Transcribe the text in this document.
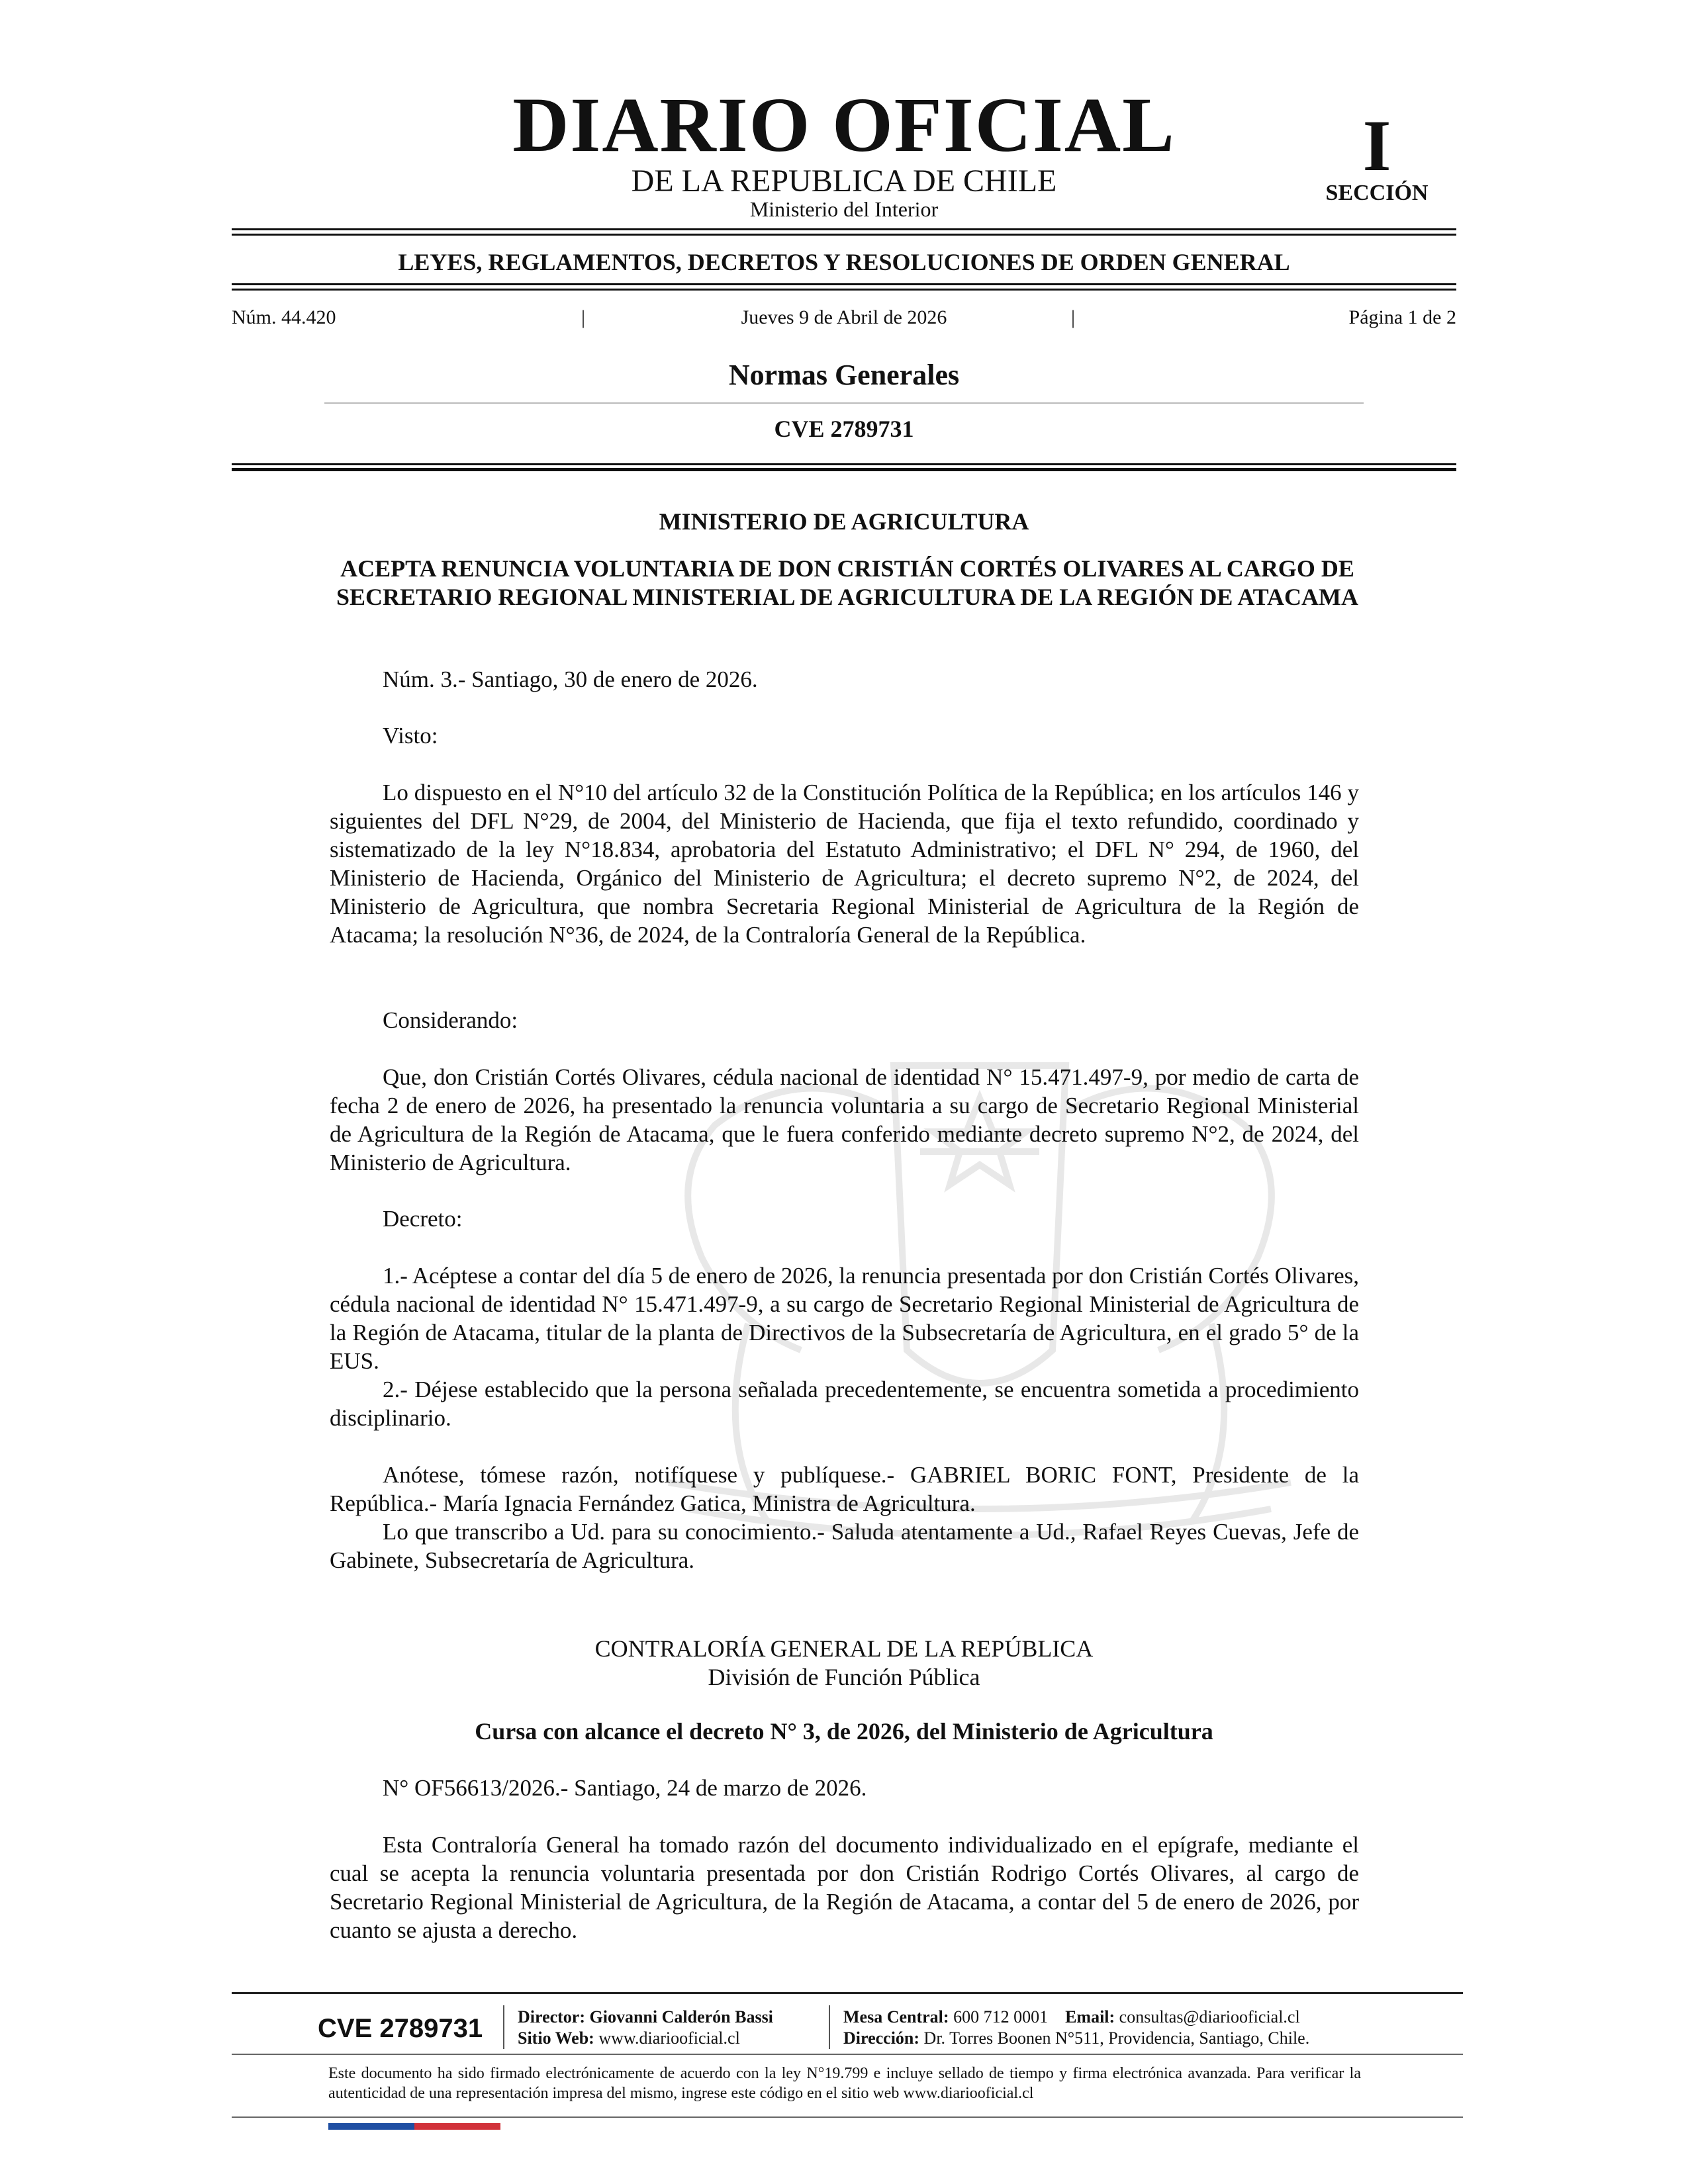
DIARIO OFICIAL
DE LA REPUBLICA DE CHILE
Ministerio del Interior
I
SECCIÓN
LEYES, REGLAMENTOS, DECRETOS Y RESOLUCIONES DE ORDEN GENERAL
Núm. 44.420	|	Jueves 9 de Abril de 2026	|	Página 1 de 2
Normas Generales
CVE 2789731
MINISTERIO DE AGRICULTURA
ACEPTA RENUNCIA VOLUNTARIA DE DON CRISTIÁN CORTÉS OLIVARES AL CARGO DE SECRETARIO REGIONAL MINISTERIAL DE AGRICULTURA DE LA REGIÓN DE ATACAMA
Núm. 3.- Santiago, 30 de enero de 2026.
Visto:
Lo dispuesto en el N°10 del artículo 32 de la Constitución Política de la República; en los artículos 146 y siguientes del DFL N°29, de 2004, del Ministerio de Hacienda, que fija el texto refundido, coordinado y sistematizado de la ley N°18.834, aprobatoria del Estatuto Administrativo; el DFL N° 294, de 1960, del Ministerio de Hacienda, Orgánico del Ministerio de Agricultura; el decreto supremo N°2, de 2024, del Ministerio de Agricultura, que nombra Secretaria Regional Ministerial de Agricultura de la Región de Atacama; la resolución N°36, de 2024, de la Contraloría General de la República.
Considerando:
Que, don Cristián Cortés Olivares, cédula nacional de identidad N° 15.471.497-9, por medio de carta de fecha 2 de enero de 2026, ha presentado la renuncia voluntaria a su cargo de Secretario Regional Ministerial de Agricultura de la Región de Atacama, que le fuera conferido mediante decreto supremo N°2, de 2024, del Ministerio de Agricultura.
Decreto:
1.- Acéptese a contar del día 5 de enero de 2026, la renuncia presentada por don Cristián Cortés Olivares, cédula nacional de identidad N° 15.471.497-9, a su cargo de Secretario Regional Ministerial de Agricultura de la Región de Atacama, titular de la planta de Directivos de la Subsecretaría de Agricultura, en el grado 5° de la EUS.
2.- Déjese establecido que la persona señalada precedentemente, se encuentra sometida a procedimiento disciplinario.
Anótese, tómese razón, notifíquese y publíquese.- GABRIEL BORIC FONT, Presidente de la República.- María Ignacia Fernández Gatica, Ministra de Agricultura.
Lo que transcribo a Ud. para su conocimiento.- Saluda atentamente a Ud., Rafael Reyes Cuevas, Jefe de Gabinete, Subsecretaría de Agricultura.
CONTRALORÍA GENERAL DE LA REPÚBLICA
División de Función Pública
Cursa con alcance el decreto N° 3, de 2026, del Ministerio de Agricultura
N° OF56613/2026.- Santiago, 24 de marzo de 2026.
Esta Contraloría General ha tomado razón del documento individualizado en el epígrafe, mediante el cual se acepta la renuncia voluntaria presentada por don Cristián Rodrigo Cortés Olivares, al cargo de Secretario Regional Ministerial de Agricultura, de la Región de Atacama, a contar del 5 de enero de 2026, por cuanto se ajusta a derecho.
CVE 2789731 Director: Giovanni Calderón Bassi
Sitio Web: www.diariooficial.cl
Mesa Central: 600 712 0001 Email: consultas@diariooficial.cl
Dirección: Dr. Torres Boonen N°511, Providencia, Santiago, Chile.
Este documento ha sido firmado electrónicamente de acuerdo con la ley N°19.799 e incluye sellado de tiempo y firma electrónica avanzada. Para verificar la autenticidad de una representación impresa del mismo, ingrese este código en el sitio web www.diariooficial.cl
